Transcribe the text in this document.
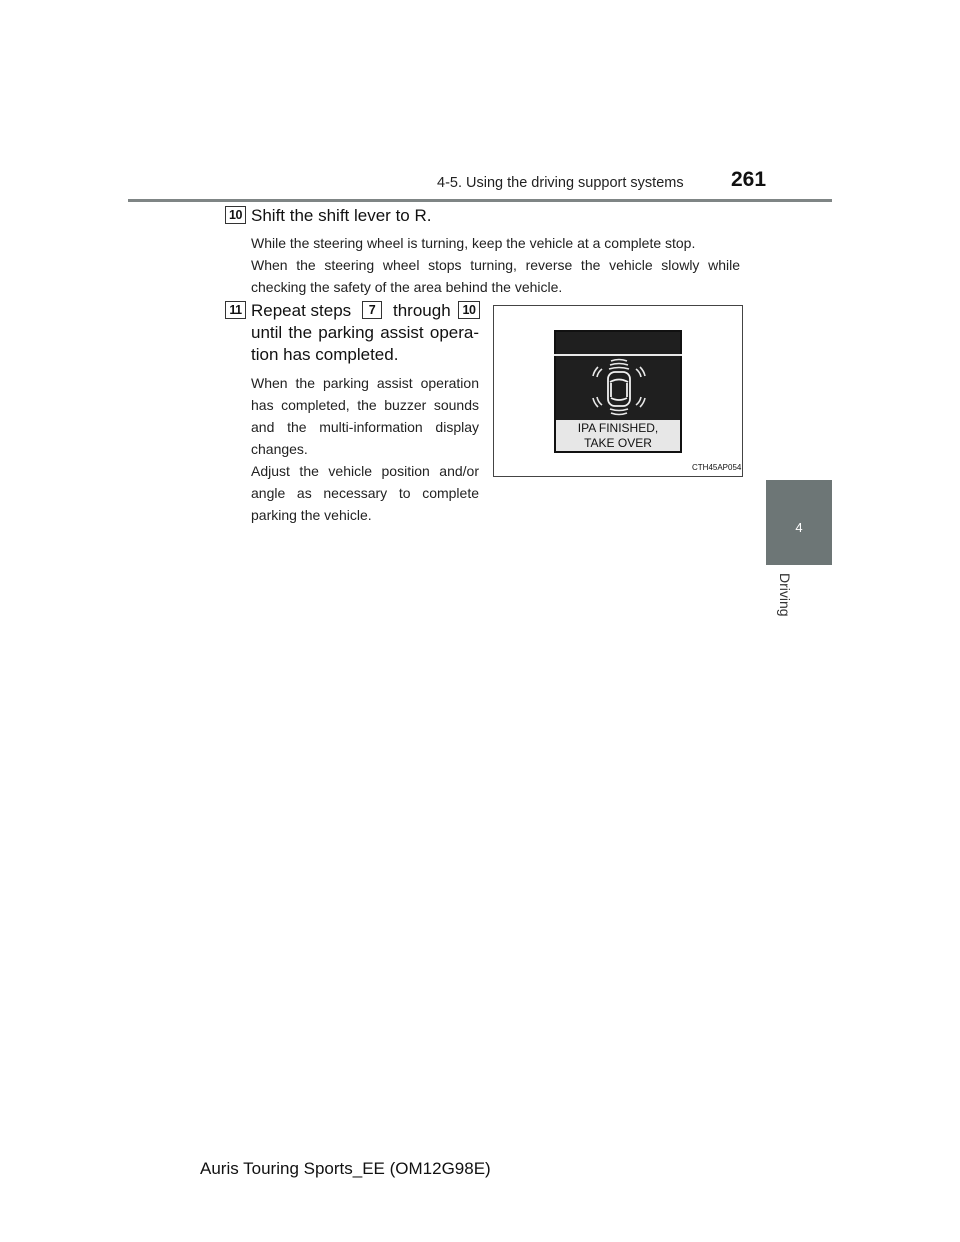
4-5. Using the driving support systems 261
4
Driving
10 Shift the shift lever to R.
While the steering wheel is turning, keep the vehicle at a complete stop.
When the steering wheel stops turning, reverse the vehicle slowly while
checking the safety of the area behind the vehicle.
11 Repeat steps	7	through 10
until the parking assist opera-
tion has completed.
When the parking assist operation
has completed, the buzzer sounds
and the multi-information display
changes.
Adjust the vehicle position and/or
angle as necessary to complete
parking the vehicle.
IPA FINISHED,
TAKE OVER
CTH45AP054
Auris Touring Sports_EE (OM12G98E)
